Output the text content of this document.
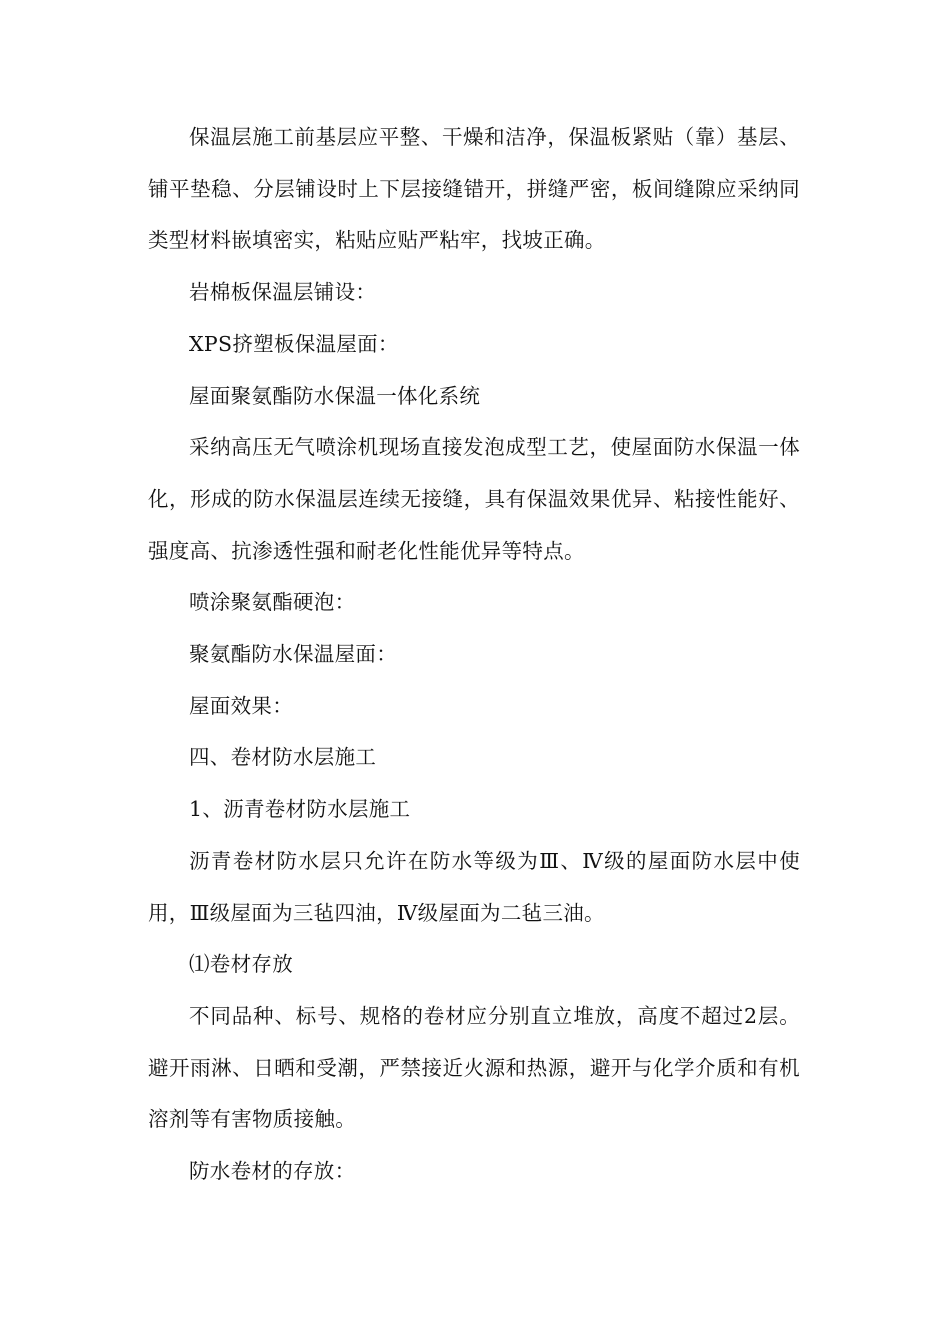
保温层施工前基层应平整、干燥和洁净，保温板紧贴（靠）基层、铺平垫稳、分层铺设时上下层接缝错开，拼缝严密，板间缝隙应采纳同类型材料嵌填密实，粘贴应贴严粘牢，找坡正确。

岩棉板保温层铺设：

XPS挤塑板保温屋面：

屋面聚氨酯防水保温一体化系统

采纳高压无气喷涂机现场直接发泡成型工艺，使屋面防水保温一体化，形成的防水保温层连续无接缝，具有保温效果优异、粘接性能好、强度高、抗渗透性强和耐老化性能优异等特点。

喷涂聚氨酯硬泡：

聚氨酯防水保温屋面：

屋面效果：

四、卷材防水层施工

1、沥青卷材防水层施工

沥青卷材防水层只允许在防水等级为Ⅲ、Ⅳ级的屋面防水层中使用，Ⅲ级屋面为三毡四油，Ⅳ级屋面为二毡三油。

⑴卷材存放

不同品种、标号、规格的卷材应分别直立堆放，高度不超过2层。避开雨淋、日晒和受潮，严禁接近火源和热源，避开与化学介质和有机溶剂等有害物质接触。

防水卷材的存放：
